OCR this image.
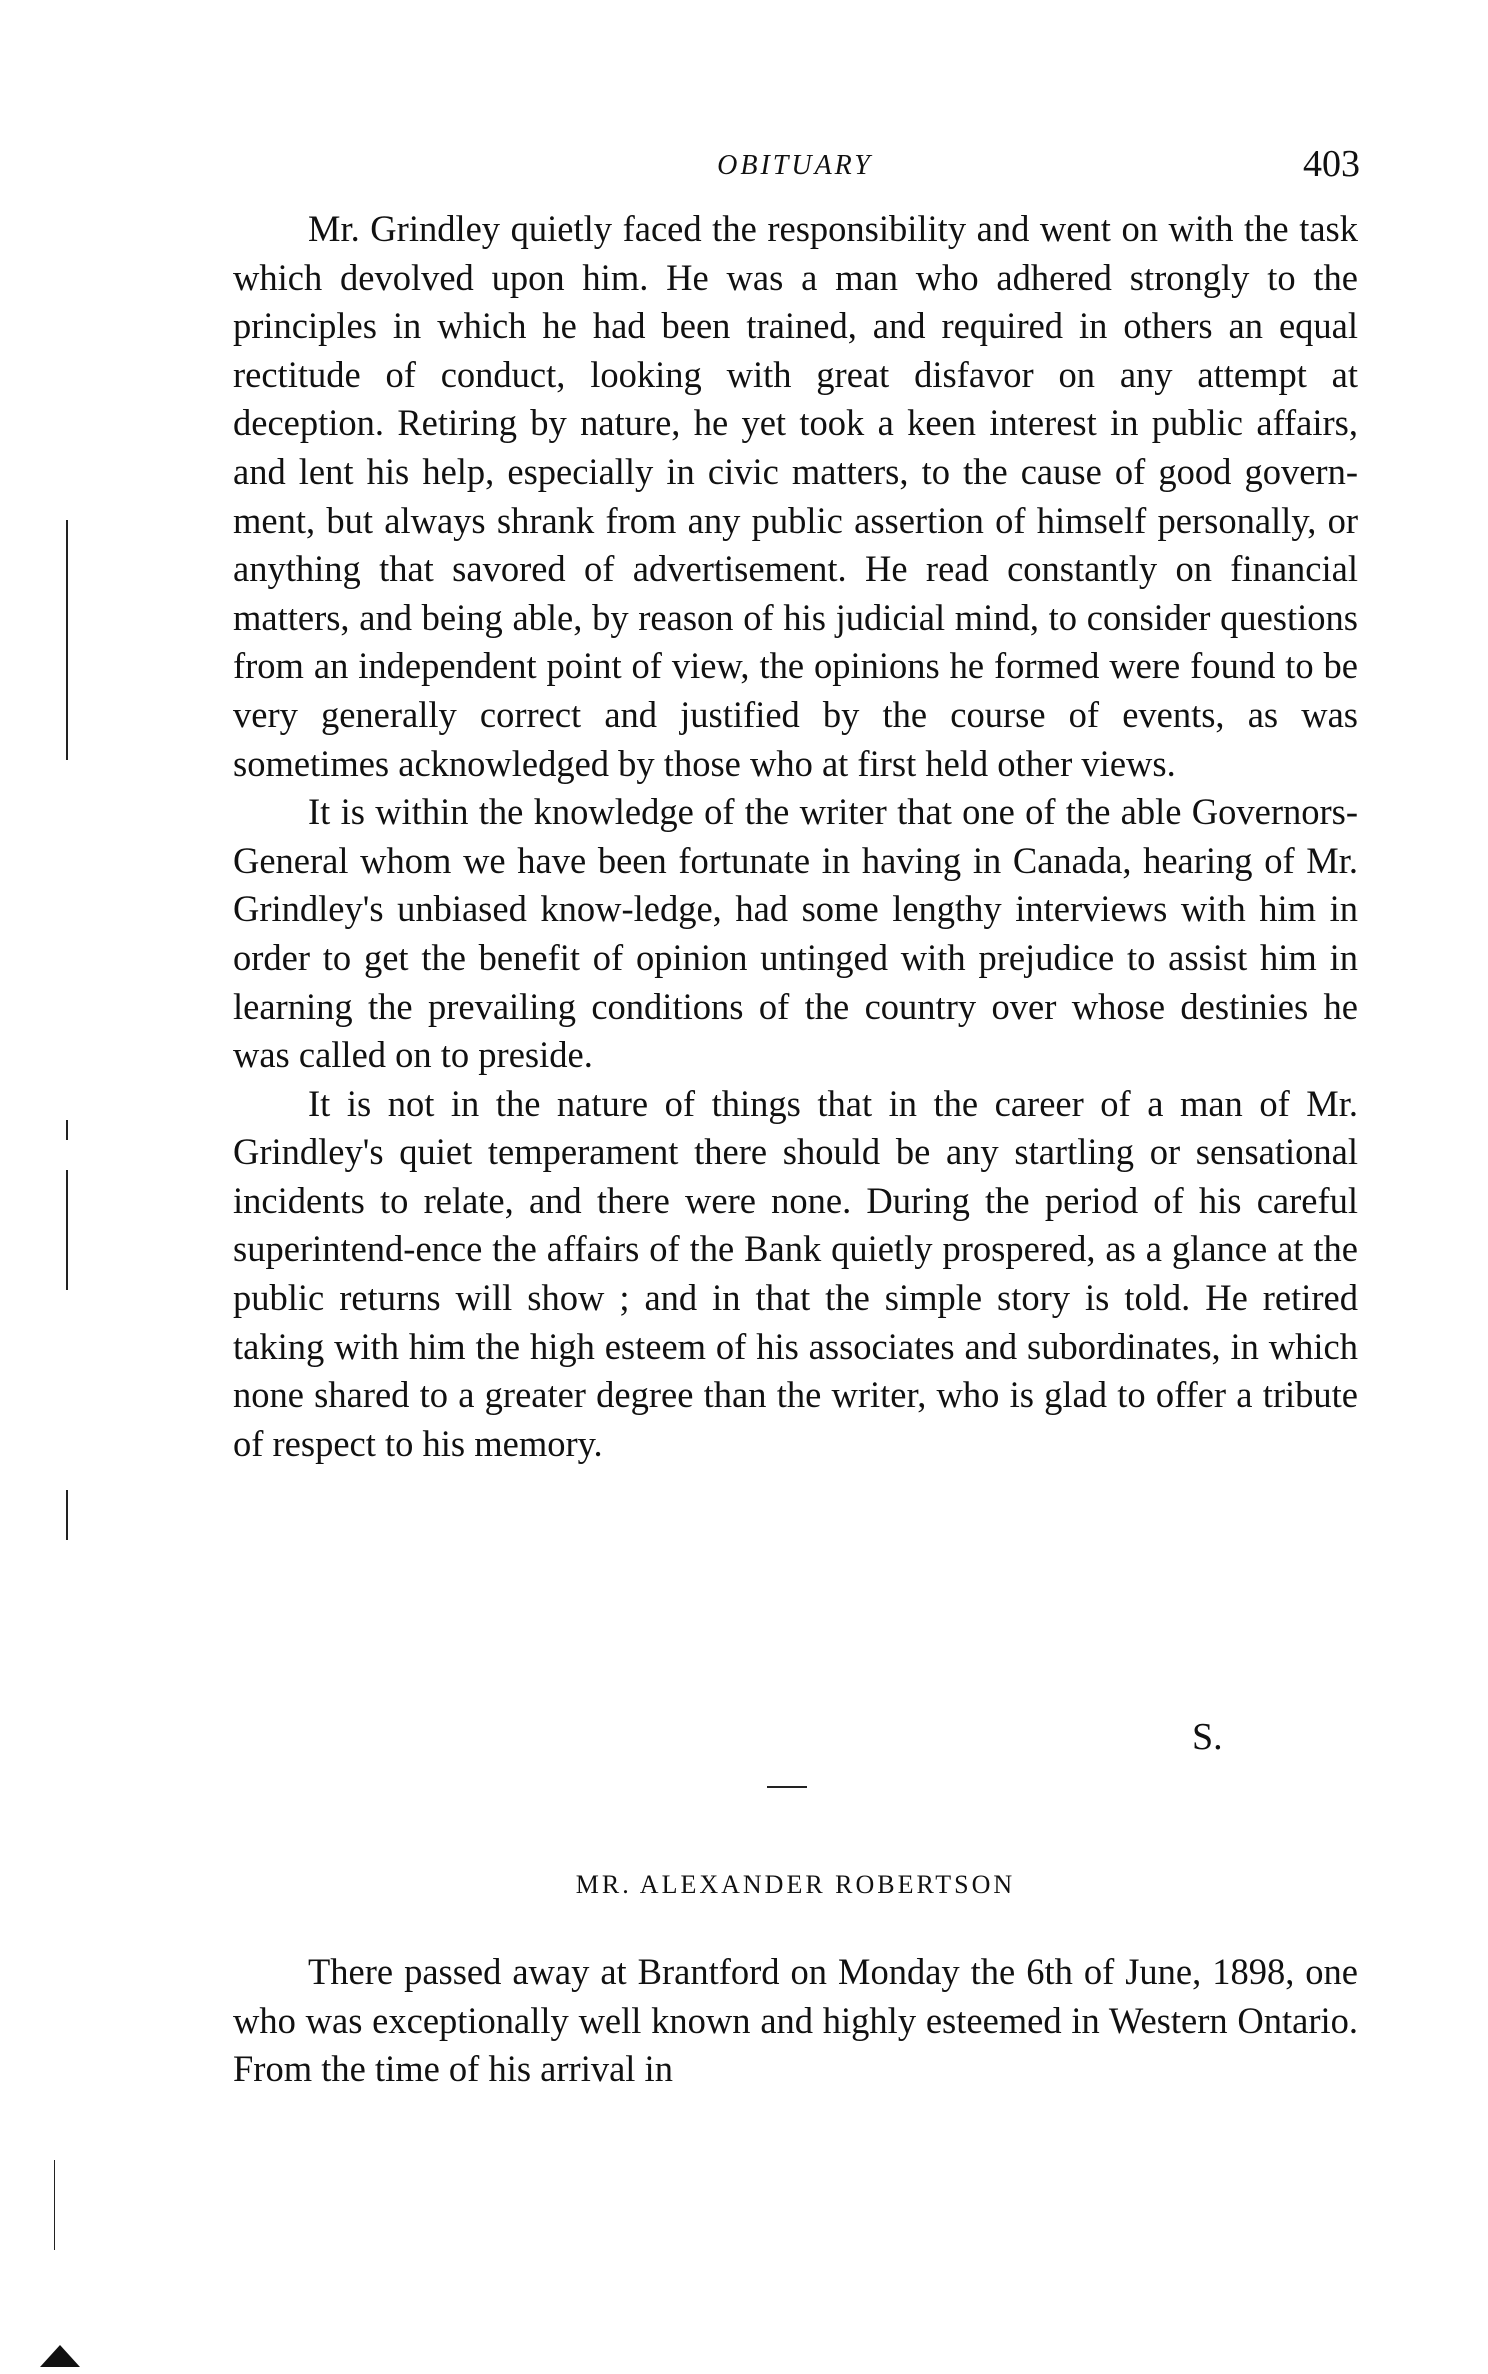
OBITUARY	403

Mr. Grindley quietly faced the responsibility and went on with the task which devolved upon him. He was a man who adhered strongly to the principles in which he had been trained, and required in others an equal rectitude of conduct, looking with great disfavor on any attempt at deception. Retiring by nature, he yet took a keen interest in public affairs, and lent his help, especially in civic matters, to the cause of good govern-ment, but always shrank from any public assertion of himself personally, or anything that savored of advertisement. He read constantly on financial matters, and being able, by reason of his judicial mind, to consider questions from an independent point of view, the opinions he formed were found to be very generally correct and justified by the course of events, as was sometimes acknowledged by those who at first held other views.

It is within the knowledge of the writer that one of the able Governors-General whom we have been fortunate in having in Canada, hearing of Mr. Grindley's unbiased know-ledge, had some lengthy interviews with him in order to get the benefit of opinion untinged with prejudice to assist him in learning the prevailing conditions of the country over whose destinies he was called on to preside.

It is not in the nature of things that in the career of a man of Mr. Grindley's quiet temperament there should be any startling or sensational incidents to relate, and there were none. During the period of his careful superintend-ence the affairs of the Bank quietly prospered, as a glance at the public returns will show ; and in that the simple story is told. He retired taking with him the high esteem of his associates and subordinates, in which none shared to a greater degree than the writer, who is glad to offer a tribute of respect to his memory.

S.
MR. ALEXANDER ROBERTSON

There passed away at Brantford on Monday the 6th of June, 1898, one who was exceptionally well known and highly esteemed in Western Ontario. From the time of his arrival in
